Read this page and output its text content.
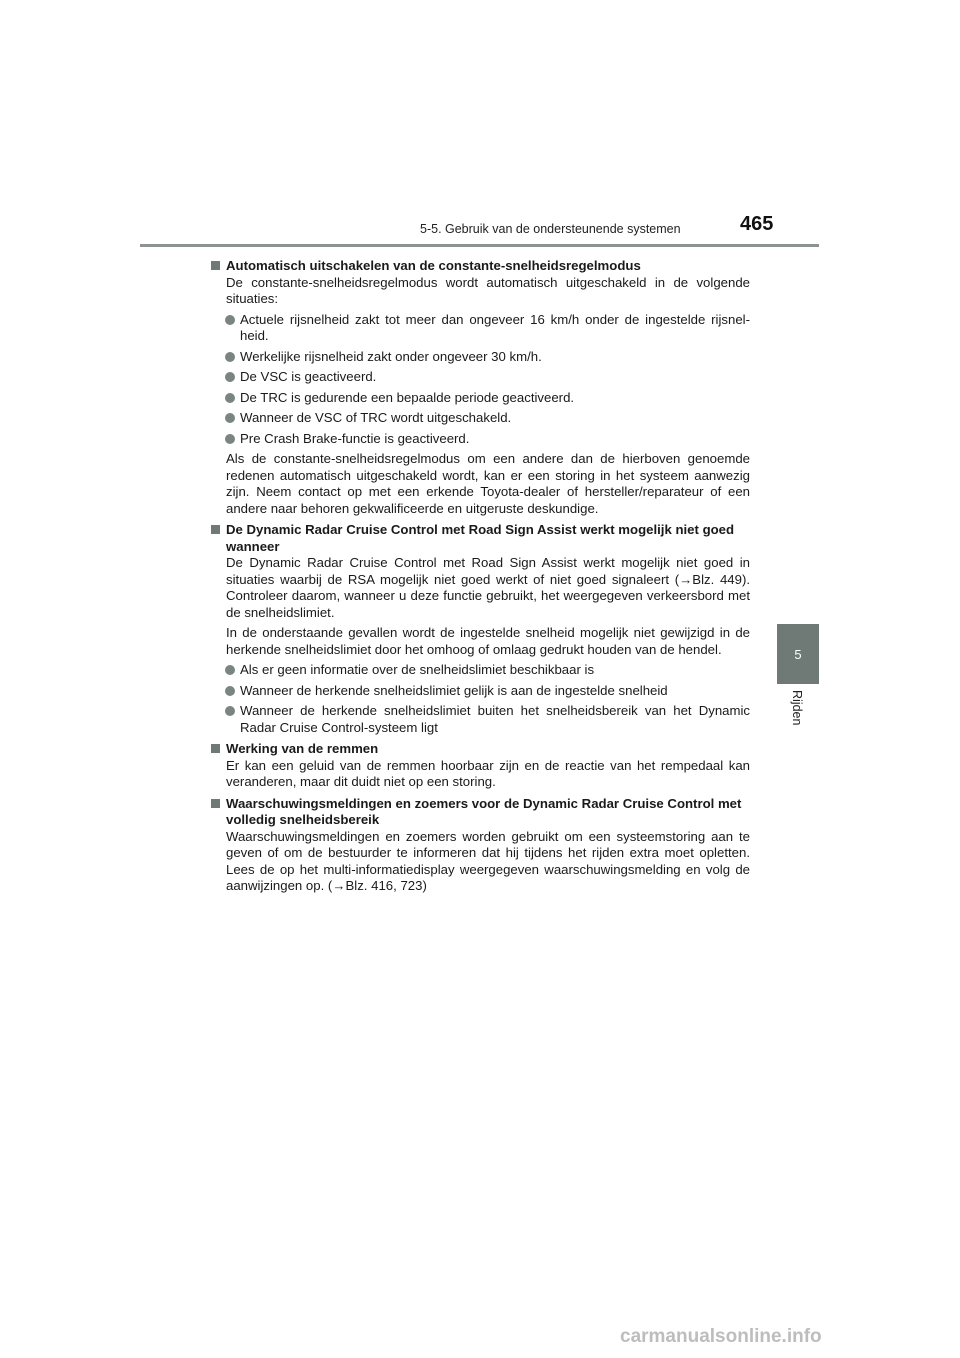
5-5. Gebruik van de ondersteunende systemen	465
5
Rijden
Automatisch uitschakelen van de constante-snelheidsregelmodus
De constante-snelheidsregelmodus wordt automatisch uitgeschakeld in de volgende situaties:
Actuele rijsnelheid zakt tot meer dan ongeveer 16 km/h onder de ingestelde rijsnel-heid.
Werkelijke rijsnelheid zakt onder ongeveer 30 km/h.
De VSC is geactiveerd.
De TRC is gedurende een bepaalde periode geactiveerd.
Wanneer de VSC of TRC wordt uitgeschakeld.
Pre Crash Brake-functie is geactiveerd.
Als de constante-snelheidsregelmodus om een andere dan de hierboven genoemde redenen automatisch uitgeschakeld wordt, kan er een storing in het systeem aanwezig zijn. Neem contact op met een erkende Toyota-dealer of hersteller/reparateur of een andere naar behoren gekwalificeerde en uitgeruste deskundige.
De Dynamic Radar Cruise Control met Road Sign Assist werkt mogelijk niet goed wanneer
De Dynamic Radar Cruise Control met Road Sign Assist werkt mogelijk niet goed in situaties waarbij de RSA mogelijk niet goed werkt of niet goed signaleert (→Blz. 449). Controleer daarom, wanneer u deze functie gebruikt, het weergegeven verkeersbord met de snelheidslimiet.
In de onderstaande gevallen wordt de ingestelde snelheid mogelijk niet gewijzigd in de herkende snelheidslimiet door het omhoog of omlaag gedrukt houden van de hendel.
Als er geen informatie over de snelheidslimiet beschikbaar is
Wanneer de herkende snelheidslimiet gelijk is aan de ingestelde snelheid
Wanneer de herkende snelheidslimiet buiten het snelheidsbereik van het Dynamic Radar Cruise Control-systeem ligt
Werking van de remmen
Er kan een geluid van de remmen hoorbaar zijn en de reactie van het rempedaal kan veranderen, maar dit duidt niet op een storing.
Waarschuwingsmeldingen en zoemers voor de Dynamic Radar Cruise Control met volledig snelheidsbereik
Waarschuwingsmeldingen en zoemers worden gebruikt om een systeemstoring aan te geven of om de bestuurder te informeren dat hij tijdens het rijden extra moet opletten. Lees de op het multi-informatiedisplay weergegeven waarschuwingsmelding en volg de aanwijzingen op. (→Blz. 416, 723)
carmanualsonline.info
